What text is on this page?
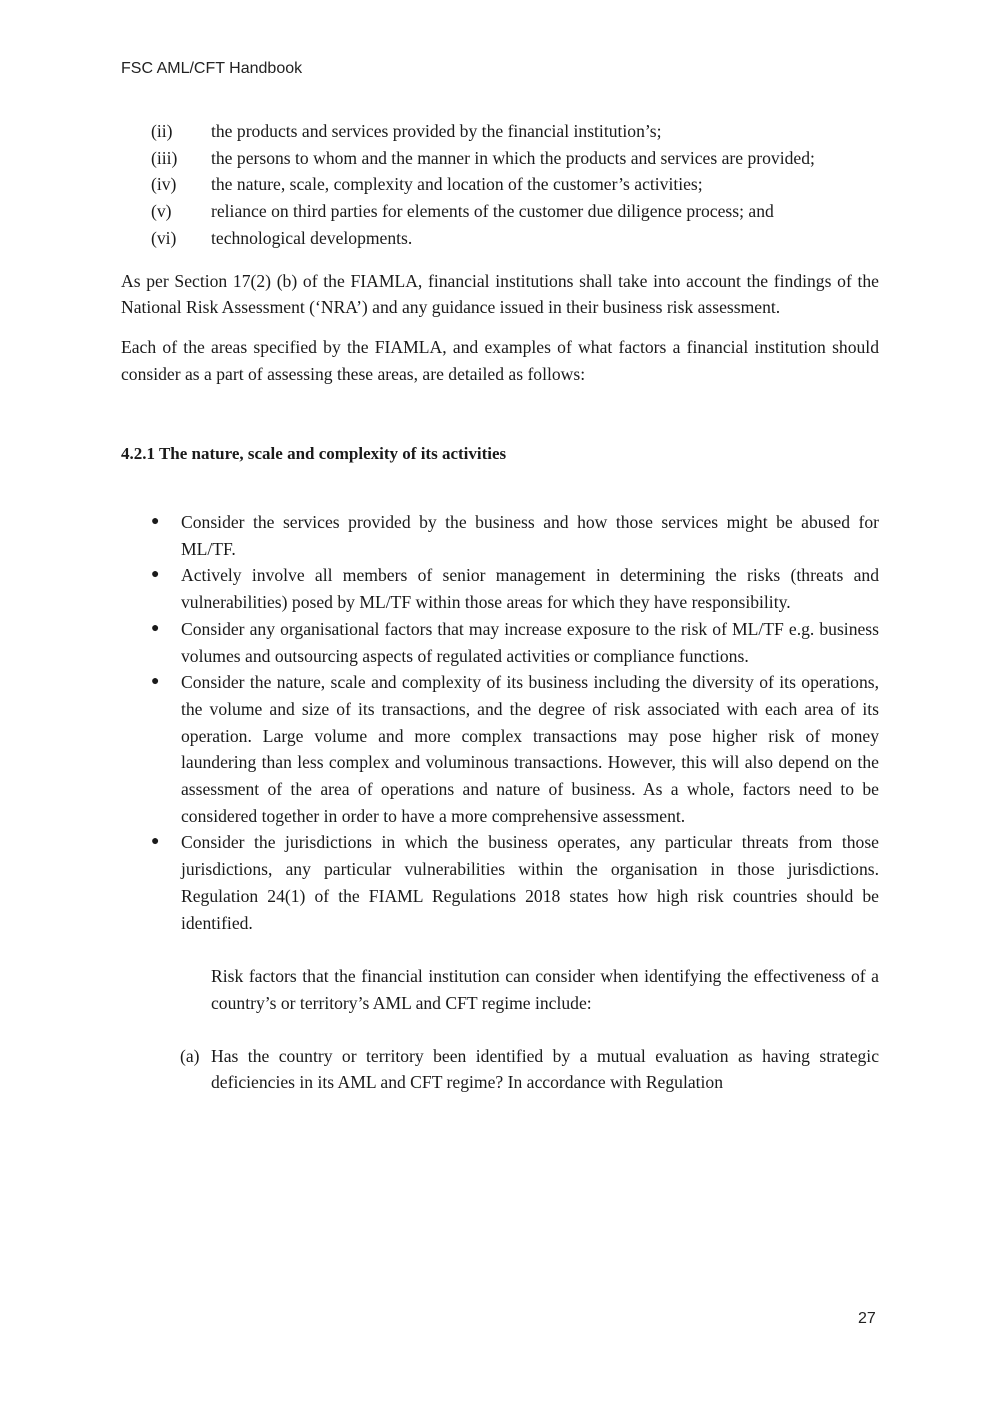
FSC AML/CFT Handbook
(ii)	the products and services provided by the financial institution’s;
(iii)	the persons to whom and the manner in which the products and services are provided;
(iv)	the nature, scale, complexity and location of the customer’s activities;
(v)	reliance on third parties for elements of the customer due diligence process; and
(vi)	technological developments.

As per Section 17(2) (b) of the FIAMLA, financial institutions shall take into account the findings of the National Risk Assessment (‘NRA’) and any guidance issued in their business risk assessment.

Each of the areas specified by the FIAMLA, and examples of what factors a financial institution should consider as a part of assessing these areas, are detailed as follows:

4.2.1 The nature, scale and complexity of its activities
●	Consider the services provided by the business and how those services might be abused for ML/TF.
●	Actively involve all members of senior management in determining the risks (threats and vulnerabilities) posed by ML/TF within those areas for which they have responsibility.
●	Consider any organisational factors that may increase exposure to the risk of ML/TF e.g. business volumes and outsourcing aspects of regulated activities or compliance functions.
●	Consider the nature, scale and complexity of its business including the diversity of its operations, the volume and size of its transactions, and the degree of risk associated with each area of its operation. Large volume and more complex transactions may pose higher risk of money laundering than less complex and voluminous transactions. However, this will also depend on the assessment of the area of operations and nature of business. As a whole, factors need to be considered together in order to have a more comprehensive assessment.
●	Consider the jurisdictions in which the business operates, any particular threats from those jurisdictions, any particular vulnerabilities within the organisation in those jurisdictions. Regulation 24(1) of the FIAML Regulations 2018 states how high risk countries should be identified.

Risk factors that the financial institution can consider when identifying the effectiveness of a country’s or territory’s AML and CFT regime include:

(a) Has the country or territory been identified by a mutual evaluation as having strategic deficiencies in its AML and CFT regime? In accordance with Regulation
27
